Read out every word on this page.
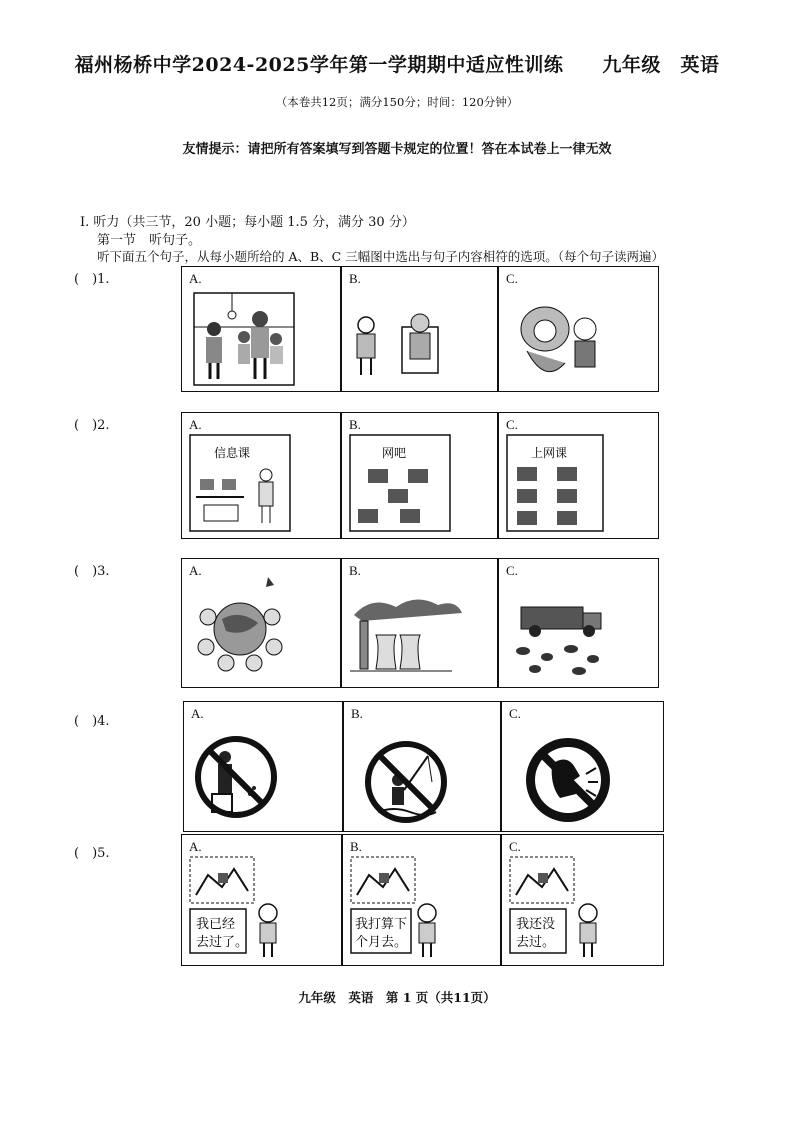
福州杨桥中学2024-2025学年第一学期期中适应性训练　　九年级　英语
（本卷共12页；满分150分；时间：120分钟）
友情提示：请把所有答案填写到答题卡规定的位置！答在本试卷上一律无效
I. 听力（共三节，20 小题；每小题 1.5 分，满分 30 分）
第一节　听句子。
听下面五个句子，从每小题所给的 A、B、C 三幅图中选出与句子内容相符的选项。（每个句子读两遍）
(　)1.	A.	B.	C.
(　)2.	A.
信息课
B.
网吧
C.
上网课
(　)3.	A.	B.	C.
(　)4.
A.	B.	C.
(　)5.	A.
我已经
去过了。
B.
我打算下
个月去。
C.
我还没
去过。
九年级　英语　第 1 页（共11页）
